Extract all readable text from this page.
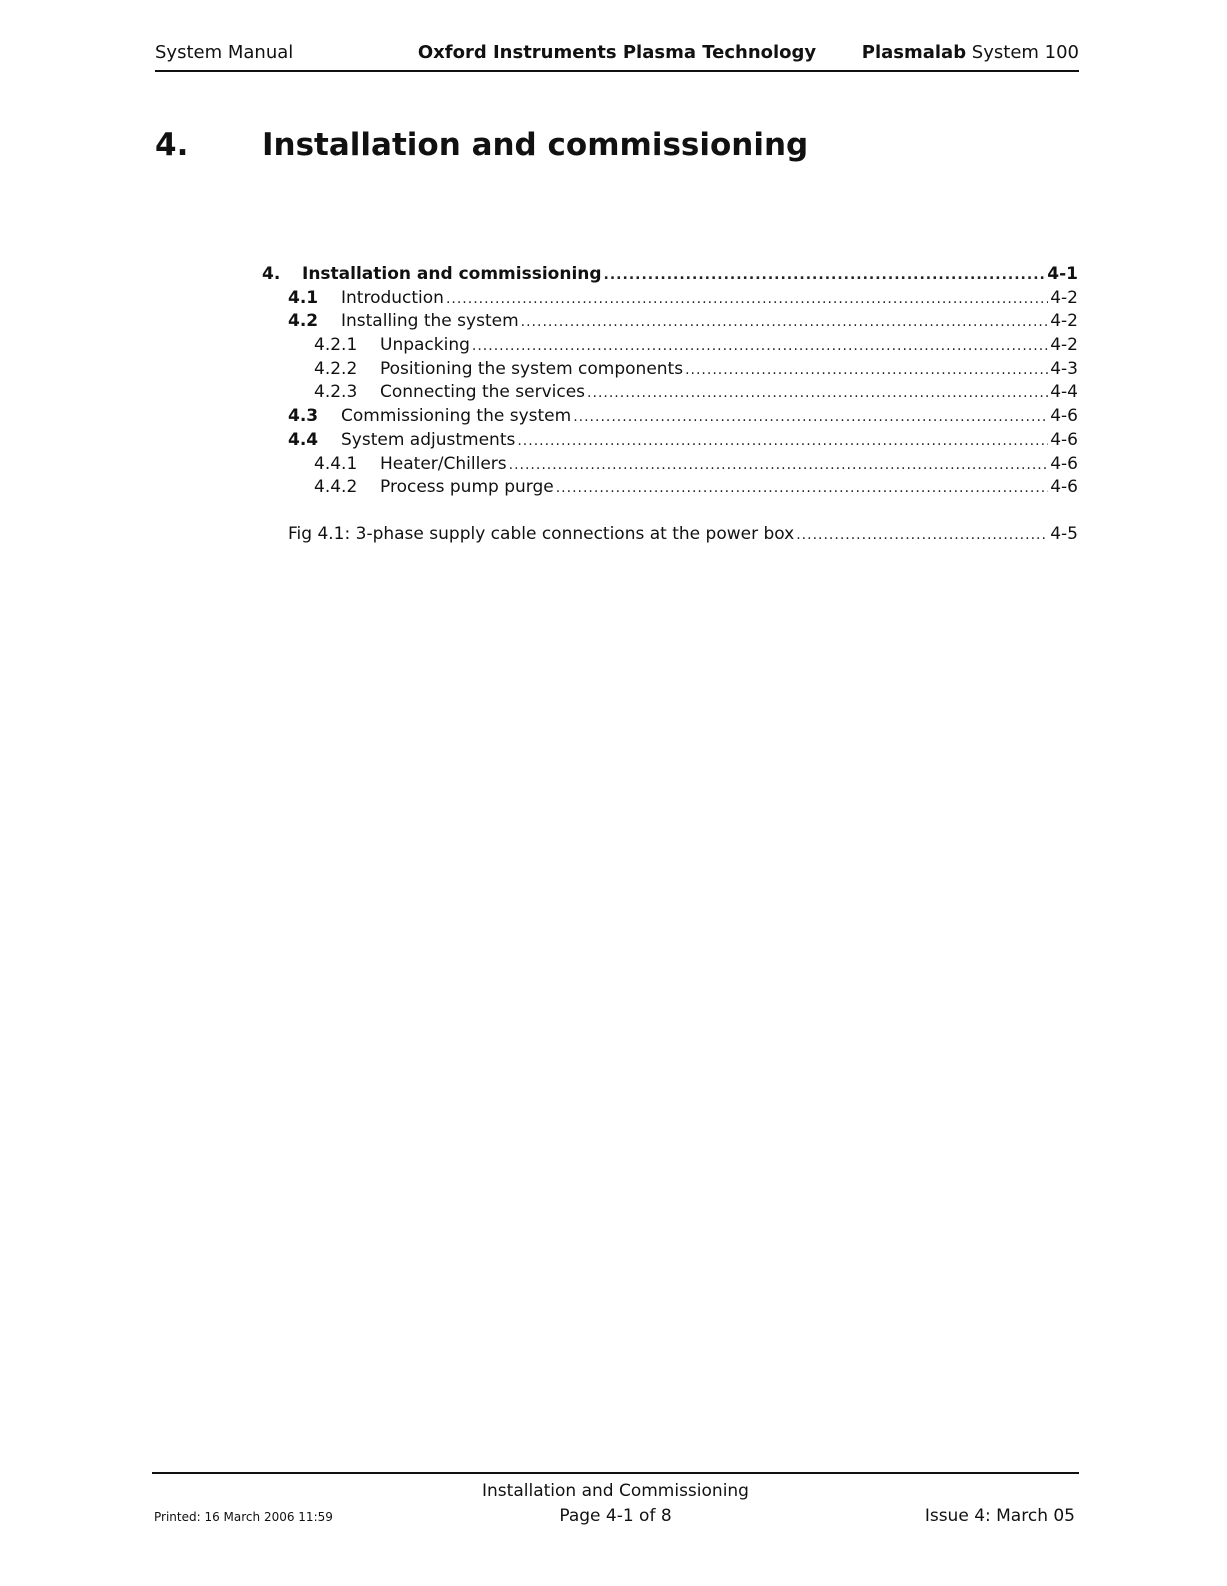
System Manual	Oxford Instruments Plasma Technology	Plasmalab System 100
4. Installation and commissioning
4.	Installation and commissioning .....	4-1
4.1	Introduction .....	4-2
4.2	Installing the system .....	4-2
4.2.1	Unpacking .....	4-2
4.2.2	Positioning the system components .....	4-3
4.2.3	Connecting the services .....	4-4
4.3	Commissioning the system .....	4-6
4.4	System adjustments .....	4-6
4.4.1	Heater/Chillers .....	4-6
4.4.2	Process pump purge .....	4-6
Fig 4.1: 3-phase supply cable connections at the power box .....	4-5
Installation and Commissioning
Printed: 16 March 2006 11:59	Page 4-1 of 8	Issue 4: March 05
